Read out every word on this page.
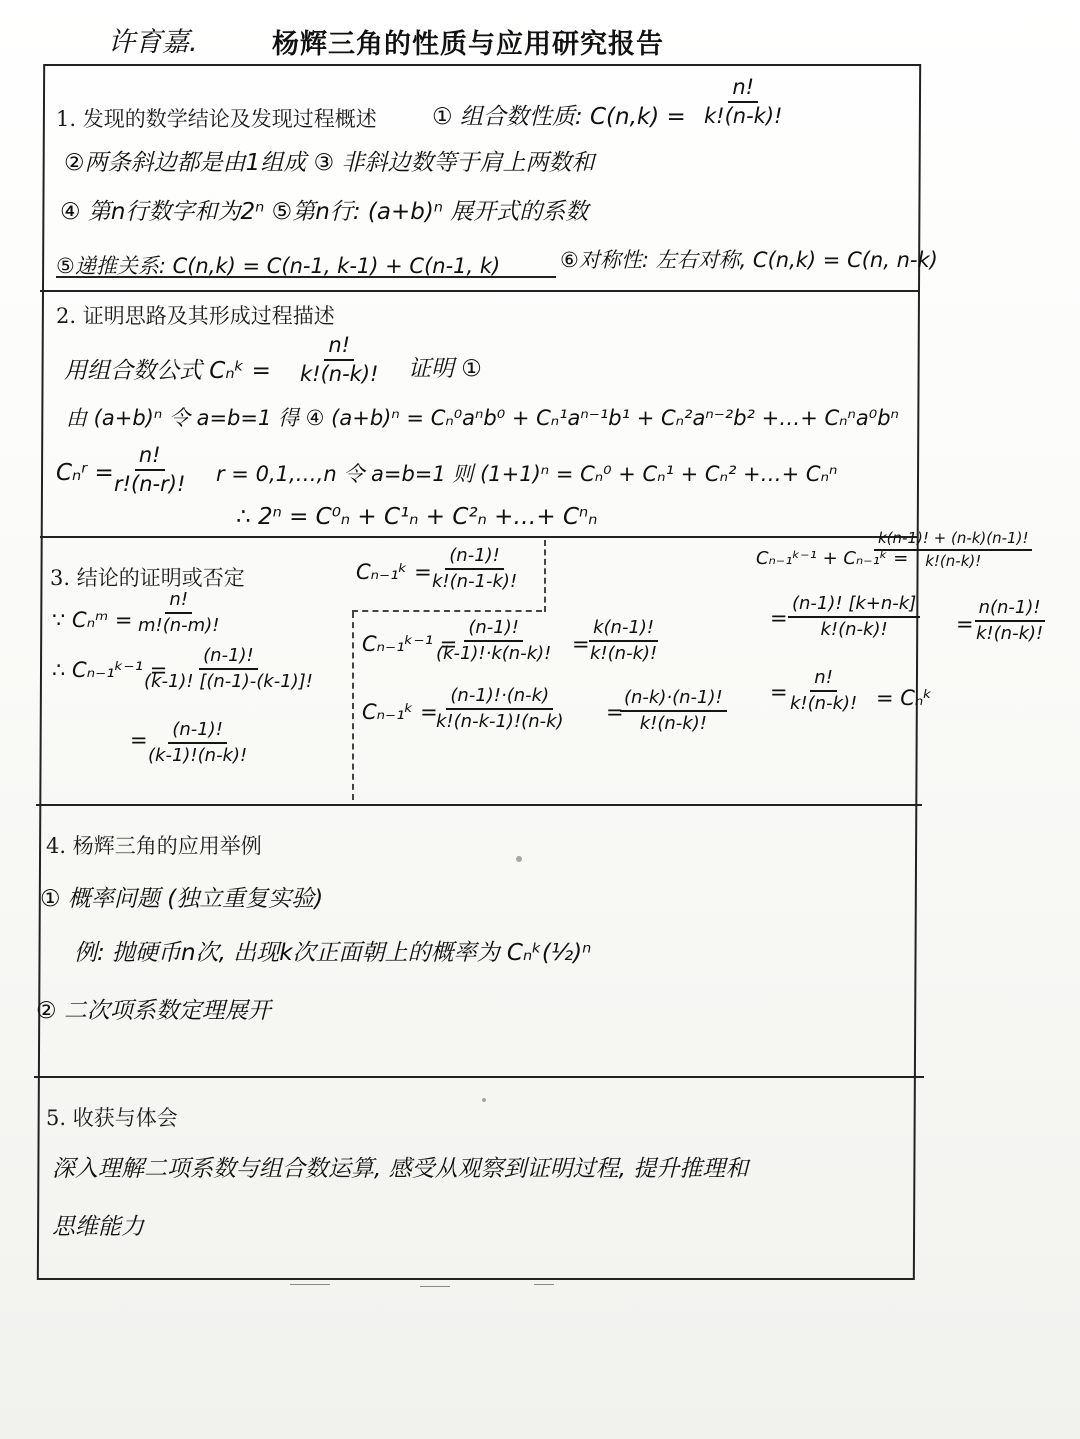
许育嘉.	杨辉三角的性质与应用研究报告
1. 发现的数学结论及发现过程概述 ① 组合数性质: $C(n,k) = \frac{n!}{k!(n-k)!}$
②两条斜边都是由1组成 ③ 非斜边数等于肩上两数和
④ 第n行数字和为2ⁿ ⑤第n行: (a+b)ⁿ 展开式的系数
⑤递推关系: C(n,k) = C(n-1, k-1) + C(n-1, k)	⑥对称性: 左右对称, C(n,k) = C(n, n-k)
2. 证明思路及其形成过程描述
用组合数公式 Cₙᵏ = $\frac{n!}{k!(n-k)!}$ 证明 ①
由 (a+b)ⁿ 令 a=b=1 得 ④ (a+b)ⁿ = Cₙ⁰aⁿb⁰ + Cₙ¹aⁿ⁻¹b¹ + Cₙ²aⁿ⁻²b² +…+ Cₙⁿa⁰bⁿ
Cₙʳ =
$\frac{n!}{r!(n-r)!}$ r = 0,1,…,n 令 a=b=1 则 (1+1)ⁿ = Cₙ⁰ + Cₙ¹ + Cₙ² +…+ Cₙⁿ
∴ 2ⁿ = C⁰ₙ + C¹ₙ + C²ₙ +…+ Cⁿₙ
3. 结论的证明或否定
∵ Cₙᵐ = $\frac{n!}{m!(n-m)!}$
∴ Cₙ₋₁ᵏ⁻¹ =
$\frac{(n-1)!}{(k-1)! [(n-1)-(k-1)]!}$
=
$\frac{(n-1)!}{(k-1)!(n-k)!}$
Cₙ₋₁ᵏ =
$\frac{(n-1)!}{k!(n-1-k)!}$
Cₙ₋₁ᵏ⁻¹ =
$\frac{(n-1)!}{(k-1)!\cdot k(n-k)!}$ =
$\frac{k(n-1)!}{k!(n-k)!}$
Cₙ₋₁ᵏ =
$\frac{(n-1)!\cdot(n-k)}{k!(n-k-1)!(n-k)}$ =
$\frac{(n-k)\cdot(n-1)!}{k!(n-k)!}$
Cₙ₋₁ᵏ⁻¹ + Cₙ₋₁ᵏ =
$\frac{k(n-1)! + (n-k)(n-1)!}{k!(n-k)!}$
= $\frac{(n-1)! [k+n-k]}{k!(n-k)!}$ =
$\frac{n(n-1)!}{k!(n-k)!}$
=
$\frac{n!}{k!(n-k)!}$ = Cₙᵏ
4. 杨辉三角的应用举例
① 概率问题 (独立重复实验)
例: 抛硬币n次, 出现k次正面朝上的概率为 Cₙᵏ(½)ⁿ
② 二次项系数定理展开
5. 收获与体会
深入理解二项系数与组合数运算, 感受从观察到证明过程, 提升推理和
思维能力
